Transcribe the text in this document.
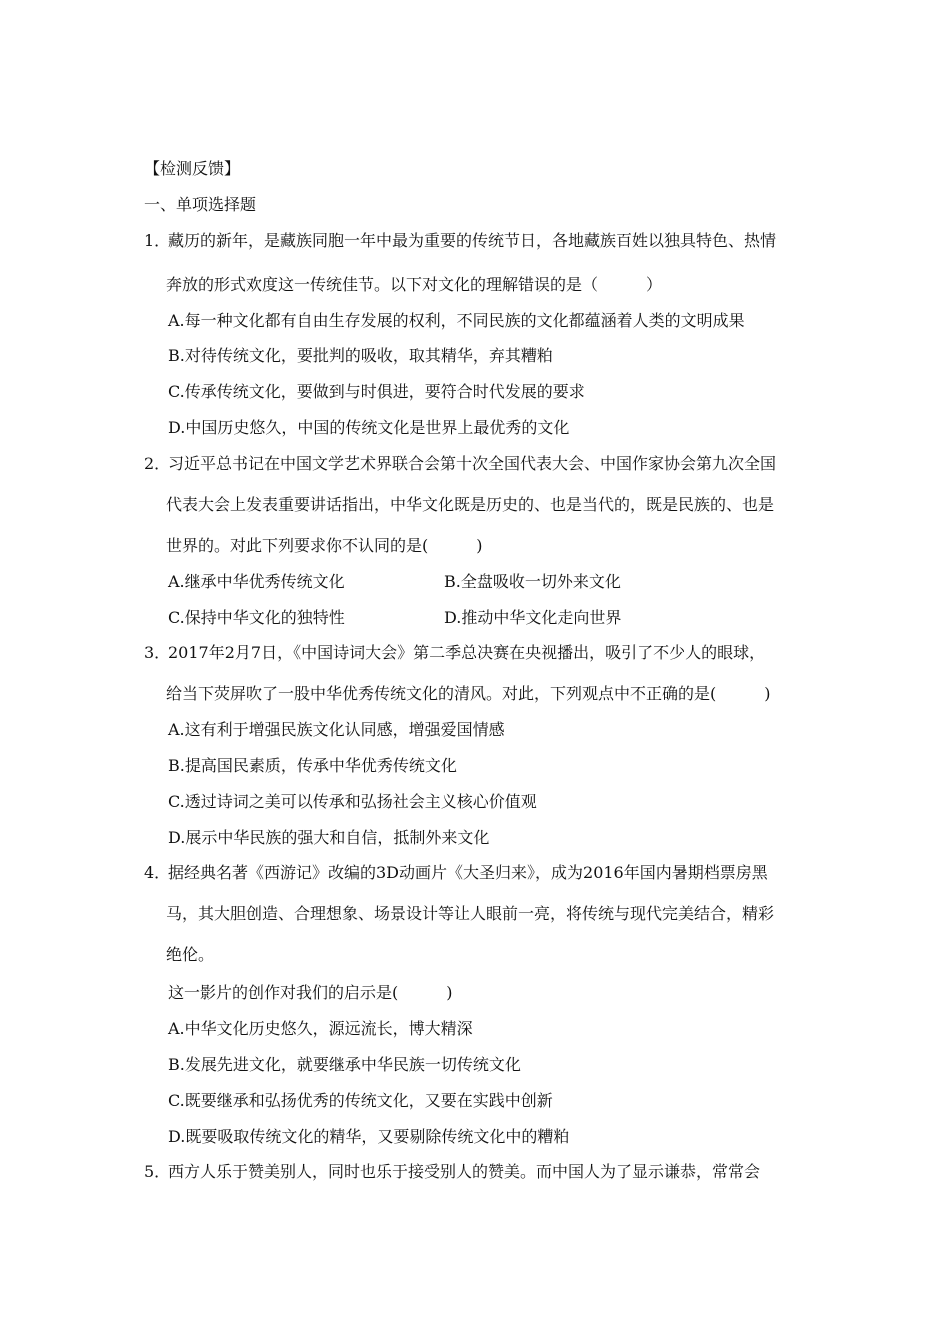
【检测反馈】
一、单项选择题
1．藏历的新年，是藏族同胞一年中最为重要的传统节日，各地藏族百姓以独具特色、热情
奔放的形式欢度这一传统佳节。以下对文化的理解错误的是（　　　）
A.每一种文化都有自由生存发展的权利，不同民族的文化都蕴涵着人类的文明成果
B.对待传统文化，要批判的吸收，取其精华，弃其糟粕
C.传承传统文化，要做到与时俱进，要符合时代发展的要求
D.中国历史悠久，中国的传统文化是世界上最优秀的文化
2．习近平总书记在中国文学艺术界联合会第十次全国代表大会、中国作家协会第九次全国
代表大会上发表重要讲话指出，中华文化既是历史的、也是当代的，既是民族的、也是
世界的。对此下列要求你不认同的是(　　　)
A.继承中华优秀传统文化	B.全盘吸收一切外来文化
C.保持中华文化的独特性	D.推动中华文化走向世界
3．2017年2月7日，《中国诗词大会》第二季总决赛在央视播出，吸引了不少人的眼球，
给当下荧屏吹了一股中华优秀传统文化的清风。对此，下列观点中不正确的是(　　　)
A.这有利于增强民族文化认同感，增强爱国情感
B.提高国民素质，传承中华优秀传统文化
C.透过诗词之美可以传承和弘扬社会主义核心价值观
D.展示中华民族的强大和自信，抵制外来文化
4．据经典名著《西游记》改编的3D动画片《大圣归来》，成为2016年国内暑期档票房黑
马，其大胆创造、合理想象、场景设计等让人眼前一亮，将传统与现代完美结合，精彩
绝伦。
这一影片的创作对我们的启示是(　　　)
A.中华文化历史悠久，源远流长，博大精深
B.发展先进文化，就要继承中华民族一切传统文化
C.既要继承和弘扬优秀的传统文化，又要在实践中创新
D.既要吸取传统文化的精华，又要剔除传统文化中的糟粕
5．西方人乐于赞美别人，同时也乐于接受别人的赞美。而中国人为了显示谦恭，常常会
